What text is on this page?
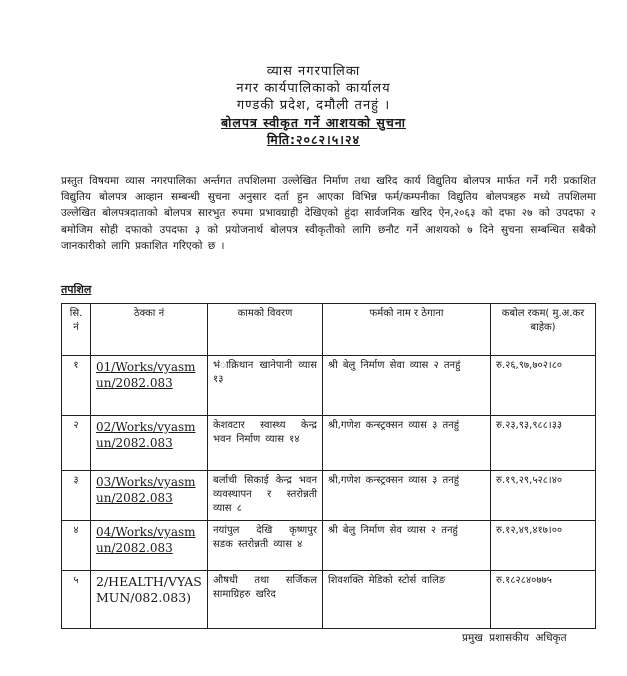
व्यास नगरपालिका
नगर कार्यपालिकाको कार्यालय
गण्डकी प्रदेश, दमौली तनहुं ।
बोलपत्र स्वीकृत गर्ने आशयको सुचना
मिति:२०८२।५।२४
प्रस्तुत विषयमा व्यास नगरपालिका अर्न्तगत तपशिलमा उल्लेखित निर्माण तथा खरिद कार्य विद्युतिय बोलपत्र मार्फत गर्ने गरी प्रकाशित विद्युतिय बोलपत्र आव्हान सम्बन्धी सुचना अनुसार दर्ता हुन आएका विभिन्न फर्म/कम्पनीका विद्युतिय बोलपत्रहरु मध्ये तपशिलमा उल्लेखित बोलपत्रदाताको बोलपत्र सारभुत रुपमा प्रभावग्राही देखिएको हुंदा सार्वजनिक खरिद ऐन,२०६३ को दफा २७ को उपदफा २ बमोजिम सोही दफाको उपदफा ३ को प्रयोजनार्थ बोलपत्र स्वीकृतीको लागि छनौट गर्ने आशयको ७ दिने सुचना सम्बन्धित सबैको जानकारीको लागि प्रकाशित गरिएको छ ।
तपशिल
सि. नं	ठेक्का नं	कामको विवरण	फर्मको नाम र ठेगाना	कबोल रकम( मु.अ.कर बाहेक)
१	01/Works/vyasmun/2082.083	भंाक्रिथान खानेपानी व्यास १३	श्री बेलु निर्माण सेवा व्यास २ तनहुं	रु.२६,९७,७०२।८०
२	02/Works/vyasmun/2082.083	केशवटार स्वास्थ्य केन्द्र भवन निर्माण व्यास १४	श्री,गणेश कन्स्ट्रक्सन व्यास ३ तनहुं	रु.२३,९३,९८८।३३
३	03/Works/vyasmun/2082.083	बर्लाची सिकाई केन्द्र भवन व्यवस्थापन र स्तरोन्नती व्यास ८	श्री,गणेश कन्स्ट्रक्सन व्यास ३ तनहुं	रु.१९,२९,५२८।४०
४	04/Works/vyasmun/2082.083	नयांपुल देखि कृष्णपुर सडक स्तरोन्नती व्यास ४	श्री बेलु निर्माण सेव व्यास २ तनहुं	रु.१२,४९,४१७।००
५	2/HEALTH/VYASMUN/082.083)	औषधी तथा सर्जिकल सामाग्रिहरु खरिद	शिवशक्ति मेडिको स्टोर्स वालिङ	रु.१८२८४०७७५
प्रमुख प्रशासकीय अधिकृत
